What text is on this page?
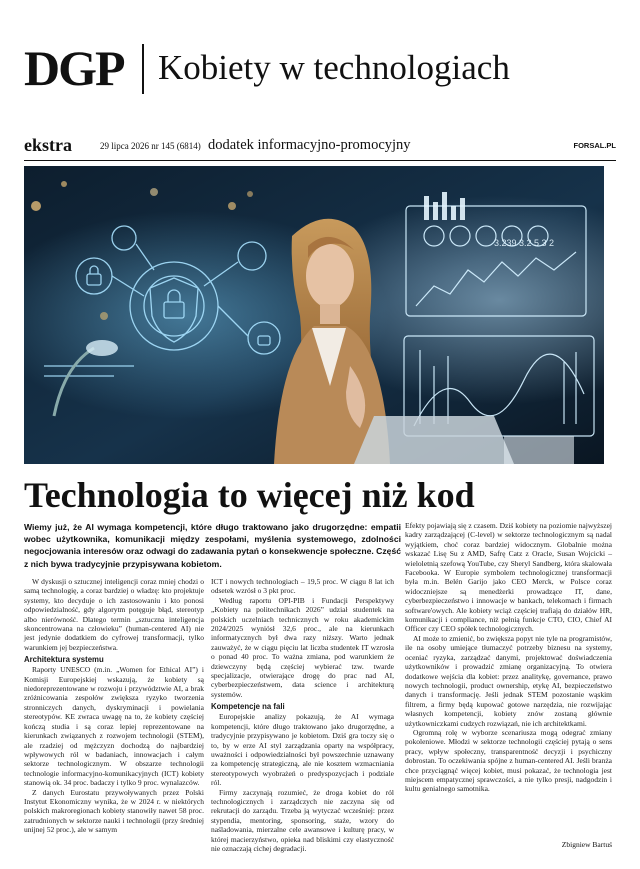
DGP Kobiety w technologiach
ekstra	29 lipca 2026 nr 145 (6814) dodatek informacyjno-promocyjny	FORSAL.PL
3.239 3.2 5 3 2
Technologia to więcej niż kod

Wiemy już, że AI wymaga kompetencji, które długo traktowano jako drugorzędne: empatii wobec użytkownika, komunikacji między zespołami, myślenia systemowego, zdolności negocjowania interesów oraz odwagi do zadawania pytań o konsekwencje społeczne. Część z nich bywa tradycyjnie przypisywana kobietom.

W dyskusji o sztucznej inteligencji coraz mniej chodzi o samą technologię, a coraz bardziej o władzę: kto projektuje systemy, kto decyduje o ich zastosowaniu i kto ponosi odpowiedzialność, gdy algorytm potęguje błąd, stereotyp albo nierówność. Dlatego termin „sztuczna inteligencja skoncentrowana na człowieku” (human-centered AI) nie jest jedynie dodatkiem do cyfrowej transformacji, tylko warunkiem jej bezpieczeństwa.

Architektura systemu

Raporty UNESCO (m.in. „Women for Ethical AI”) i Komisji Europejskiej wskazują, że kobiety są niedoreprezentowane w rozwoju i przywództwie AI, a brak zróżnicowania zespołów zwiększa ryzyko tworzenia stronniczych danych, dyskryminacji i powielania stereotypów. KE zwraca uwagę na to, że kobiety częściej kończą studia i są coraz lepiej reprezentowane na kierunkach związanych z rozwojem technologii (STEM), ale rzadziej od mężczyzn dochodzą do najbardziej wpływowych ról w badaniach, innowacjach i całym sektorze technologicznym. W obszarze technologii technologie informacyjno-komunikacyjnych (ICT) kobiety stanowią ok. 34 proc. badaczy i tylko 9 proc. wynalazców.

Z danych Eurostatu przywoływanych przez Polski Instytut Ekonomiczny wynika, że w 2024 r. w niektórych polskich makroregionach kobiety stanowiły nawet 58 proc. zatrudnionych w sektorze nauki i technologii (przy średniej unijnej 52 proc.), ale w samym

ICT i nowych technologiach – 19,5 proc. W ciągu 8 lat ich odsetek wzrósł o 3 pkt proc.

Według raportu OPI-PIB i Fundacji Perspektywy „Kobiety na politechnikach 2026” udział studentek na polskich uczelniach technicznych w roku akademickim 2024/2025 wyniósł 32,6 proc., ale na kierunkach informatycznych był dwa razy niższy. Warto jednak zauważyć, że w ciągu pięciu lat liczba studentek IT wzrosła o ponad 40 proc. To ważna zmiana, pod warunkiem że dziewczyny będą częściej wybierać tzw. twarde specjalizacje, otwierające drogę do prac nad AI, cyberbezpieczeństwem, data science i architekturą systemów.

Kompetencje na fali

Europejskie analizy pokazują, że AI wymaga kompetencji, które długo traktowano jako drugorzędne, a tradycyjnie przypisywano je kobietom. Dziś gra toczy się o to, by w erze AI styl zarządzania oparty na współpracy, uważności i odpowiedzialności był powszechnie uznawany za kompetencję strategiczną, ale nie kosztem wzmacniania stereotypowych wyobrażeń o predyspozycjach i podziale ról.

Firmy zaczynają rozumieć, że droga kobiet do ról technologicznych i zarządczych nie zaczyna się od rekrutacji do zarządu. Trzeba ją wytyczać wcześniej: przez stypendia, mentoring, sponsoring, staże, wzory do naśladowania, mierzalne cele awansowe i kulturę pracy, w której macierzyństwo, opieka nad bliskimi czy elastyczność nie oznaczają cichej degradacji.

Efekty pojawiają się z czasem. Dziś kobiety na poziomie najwyższej kadry zarządzającej (C-level) w sektorze technologicznym są nadal wyjątkiem, choć coraz bardziej widocznym. Globalnie można wskazać Lisę Su z AMD, Safrę Catz z Oracle, Susan Wojcicki – wieloletnią szefową YouTube, czy Sheryl Sandberg, która skalowała Facebooka. W Europie symbolem technologicznej transformacji była m.in. Belén Garijo jako CEO Merck, w Polsce coraz widoczniejsze są menedżerki prowadzące IT, dane, cyberbezpieczeństwo i innowacje w bankach, telekomach i firmach software'owych. Ale kobiety wciąż częściej trafiają do działów HR, komunikacji i compliance, niż pełnią funkcje CTO, CIO, Chief AI Officer czy CEO spółek technologicznych.

AI może to zmienić, bo zwiększa popyt nie tyle na programistów, ile na osoby umiejące tłumaczyć potrzeby biznesu na systemy, oceniać ryzyka, zarządzać danymi, projektować doświadczenia użytkowników i prowadzić zmianę organizacyjną. To otwiera dodatkowe wejścia dla kobiet: przez analitykę, governance, prawo nowych technologii, product ownership, etykę AI, bezpieczeństwo danych i transformację. Jeśli jednak STEM pozostanie wąskim filtrem, a firmy będą kupować gotowe narzędzia, nie rozwijając własnych kompetencji, kobiety znów zostaną głównie użytkowniczkami cudzych rozwiązań, nie ich architektkami.

Ogromną rolę w wyborze scenariusza mogą odegrać zmiany pokoleniowe. Młodzi w sektorze technologii częściej pytają o sens pracy, wpływ społeczny, transparentność decyzji i psychiczny dobrostan. To oczekiwania spójne z human-centered AI. Jeśli branża chce przyciągnąć więcej kobiet, musi pokazać, że technologia jest miejscem empatycznej sprawczości, a nie tylko presji, nadgodzin i kultu genialnego samotnika.

Zbigniew Bartuś
